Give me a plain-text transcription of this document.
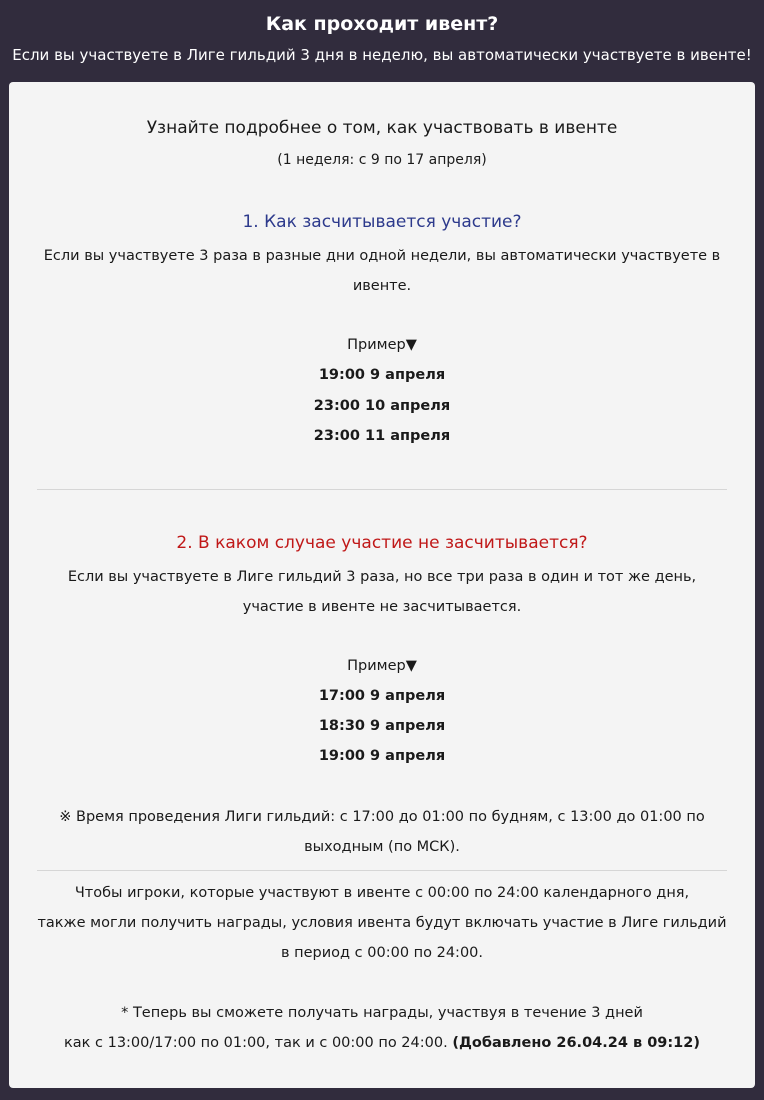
Как проходит ивент?
Если вы участвуете в Лиге гильдий 3 дня в неделю, вы автоматически участвуете в ивенте!
Узнайте подробнее о том, как участвовать в ивенте
(1 неделя: с 9 по 17 апреля)
1. Как засчитывается участие?
Если вы участвуете 3 раза в разные дни одной недели, вы автоматически участвуете в ивенте.
Пример▼
19:00 9 апреля
23:00 10 апреля
23:00 11 апреля
2. В каком случае участие не засчитывается?
Если вы участвуете в Лиге гильдий 3 раза, но все три раза в один и тот же день, участие в ивенте не засчитывается.
Пример▼
17:00 9 апреля
18:30 9 апреля
19:00 9 апреля
※ Время проведения Лиги гильдий: с 17:00 до 01:00 по будням, с 13:00 до 01:00 по выходным (по МСК).
Чтобы игроки, которые участвуют в ивенте с 00:00 по 24:00 календарного дня,
также могли получить награды, условия ивента будут включать участие в Лиге гильдий
в период с 00:00 по 24:00.
* Теперь вы сможете получать награды, участвуя в течение 3 дней
как с 13:00/17:00 по 01:00, так и с 00:00 по 24:00. (Добавлено 26.04.24 в 09:12)
